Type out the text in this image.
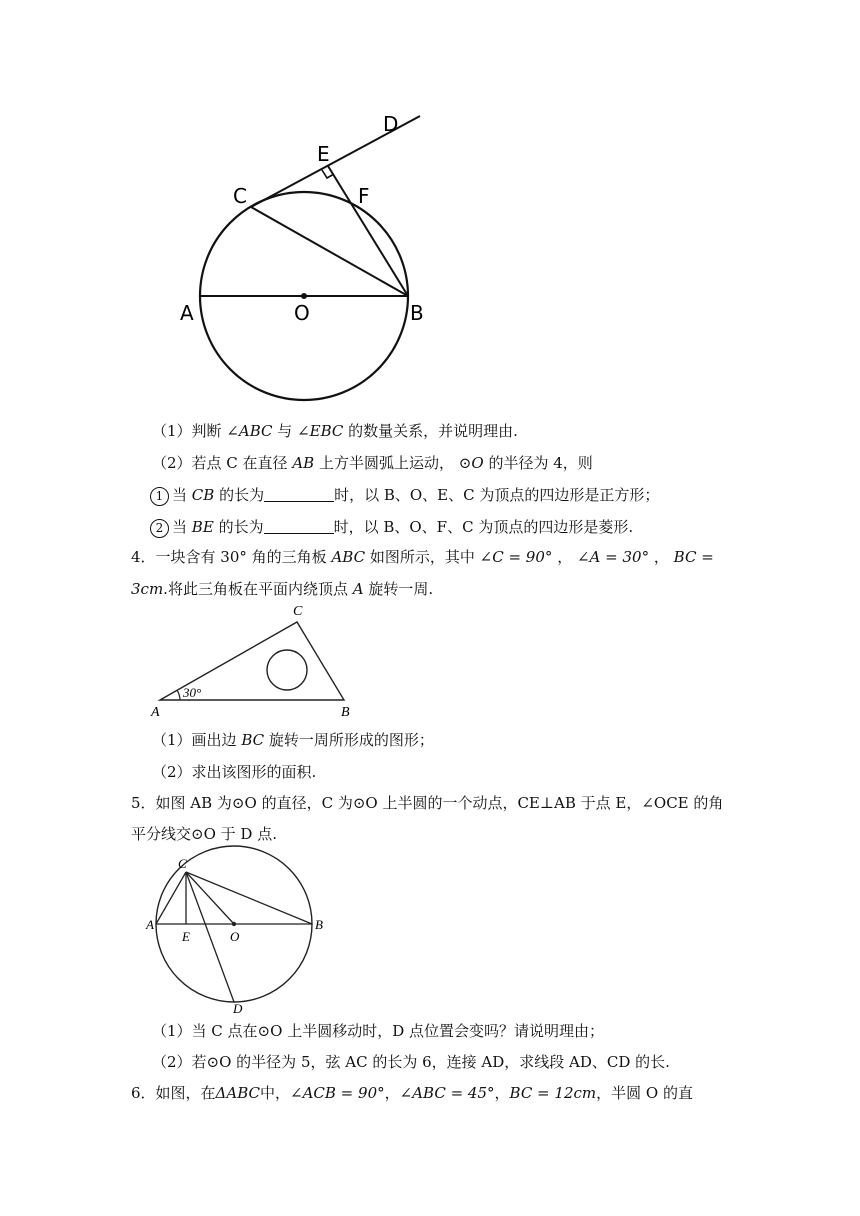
A	O	B
C
E
F
D
（1）判断 ∠ABC 与 ∠EBC 的数量关系，并说明理由.
（2）若点 C 在直径 AB 上方半圆弧上运动， ⊙O 的半径为 4，则
1 当 CB 的长为	时，以 B、O、E、C 为顶点的四边形是正方形；
2 当 BE 的长为	时，以 B、O、F、C 为顶点的四边形是菱形.
4．一块含有 30° 角的三角板 ABC 如图所示，其中 ∠C = 90° ， ∠A = 30° ， BC =
3cm.将此三角板在平面内绕顶点 A 旋转一周.
30°
A	B
C
（1）画出边 BC 旋转一周所形成的图形；
（2）求出该图形的面积.
5．如图 AB 为⊙O 的直径，C 为⊙O 上半圆的一个动点，CE⊥AB 于点 E，∠OCE 的角
平分线交⊙O 于 D 点.
A	B
C
E	O
D
（1）当 C 点在⊙O 上半圆移动时，D 点位置会变吗？请说明理由；
（2）若⊙O 的半径为 5，弦 AC 的长为 6，连接 AD，求线段 AD、CD 的长.
6．如图，在ΔABC中，∠ACB = 90°，∠ABC = 45°，BC = 12cm，半圆 O 的直
